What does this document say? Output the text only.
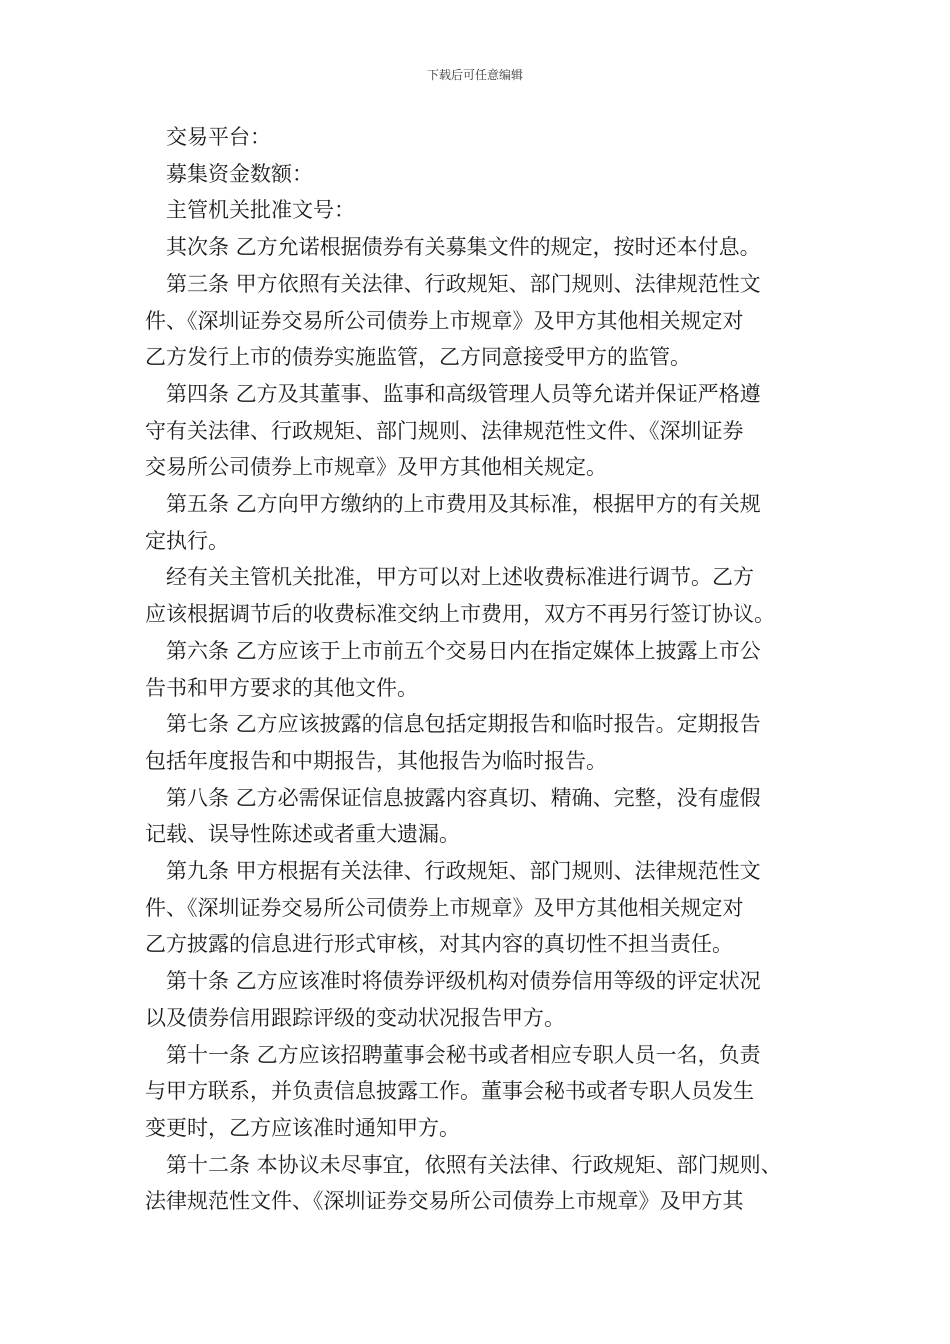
下载后可任意编辑

交易平台：

募集资金数额：

主管机关批准文号：

其次条 乙方允诺根据债券有关募集文件的规定，按时还本付息。

第三条 甲方依照有关法律、行政规矩、部门规则、法律规范性文
件、《深圳证券交易所公司债券上市规章》及甲方其他相关规定对
乙方发行上市的债券实施监管，乙方同意接受甲方的监管。

第四条 乙方及其董事、监事和高级管理人员等允诺并保证严格遵
守有关法律、行政规矩、部门规则、法律规范性文件、《深圳证券
交易所公司债券上市规章》及甲方其他相关规定。

第五条 乙方向甲方缴纳的上市费用及其标准，根据甲方的有关规
定执行。

经有关主管机关批准，甲方可以对上述收费标准进行调节。乙方
应该根据调节后的收费标准交纳上市费用，双方不再另行签订协议。

第六条 乙方应该于上市前五个交易日内在指定媒体上披露上市公
告书和甲方要求的其他文件。

第七条 乙方应该披露的信息包括定期报告和临时报告。定期报告
包括年度报告和中期报告，其他报告为临时报告。

第八条 乙方必需保证信息披露内容真切、精确、完整，没有虚假
记载、误导性陈述或者重大遗漏。

第九条 甲方根据有关法律、行政规矩、部门规则、法律规范性文
件、《深圳证券交易所公司债券上市规章》及甲方其他相关规定对
乙方披露的信息进行形式审核，对其内容的真切性不担当责任。

第十条 乙方应该准时将债券评级机构对债券信用等级的评定状况
以及债券信用跟踪评级的变动状况报告甲方。

第十一条 乙方应该招聘董事会秘书或者相应专职人员一名，负责
与甲方联系，并负责信息披露工作。董事会秘书或者专职人员发生
变更时，乙方应该准时通知甲方。

第十二条 本协议未尽事宜，依照有关法律、行政规矩、部门规则、
法律规范性文件、《深圳证券交易所公司债券上市规章》及甲方其
